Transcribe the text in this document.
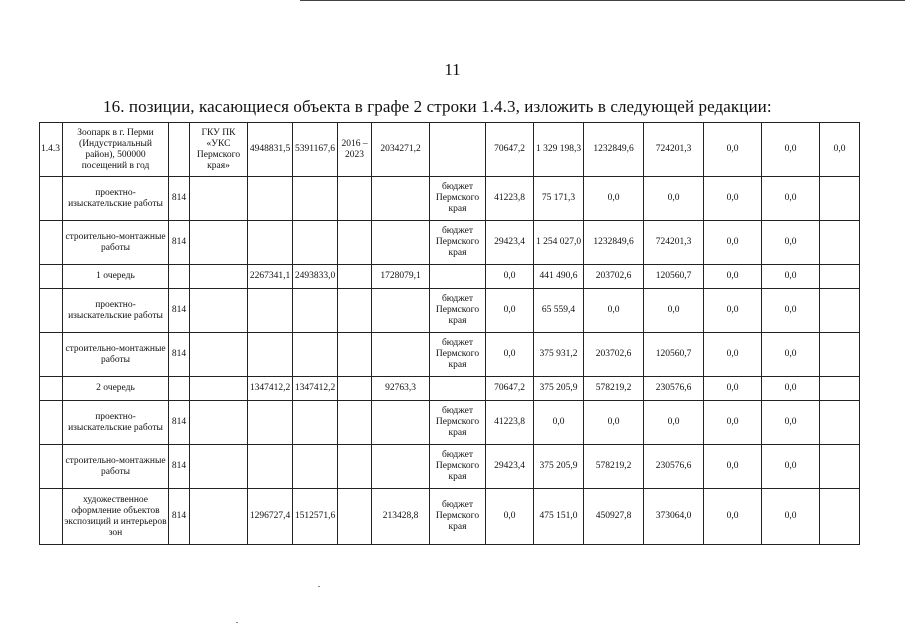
11
16. позиции, касающиеся объекта в графе 2 строки 1.4.3, изложить в следующей редакции:
1.4.3	Зоопарк в г. Перми (Индустриальный район), 500000 посещений в год		ГКУ ПК «УКС Пермского края»	4948831,5	5391167,6	2016 – 2023	2034271,2		70647,2	1 329 198,3	1232849,6	724201,3	0,0	0,0	0,0
	проектно-изыскательские работы	814						бюджет Пермского края	41223,8	75 171,3	0,0	0,0	0,0	0,0	
	строительно-монтажные работы	814						бюджет Пермского края	29423,4	1 254 027,0	1232849,6	724201,3	0,0	0,0	
	1 очередь			2267341,1	2493833,0		1728079,1		0,0	441 490,6	203702,6	120560,7	0,0	0,0	
	проектно-изыскательские работы	814						бюджет Пермского края	0,0	65 559,4	0,0	0,0	0,0	0,0	
	строительно-монтажные работы	814						бюджет Пермского края	0,0	375 931,2	203702,6	120560,7	0,0	0,0	
	2 очередь			1347412,2	1347412,2		92763,3		70647,2	375 205,9	578219,2	230576,6	0,0	0,0	
	проектно-изыскательские работы	814						бюджет Пермского края	41223,8	0,0	0,0	0,0	0,0	0,0	
	строительно-монтажные работы	814						бюджет Пермского края	29423,4	375 205,9	578219,2	230576,6	0,0	0,0	
	художественное оформление объектов экспозиций и интерьеров зон	814		1296727,4	1512571,6		213428,8	бюджет Пермского края	0,0	475 151,0	450927,8	373064,0	0,0	0,0	
